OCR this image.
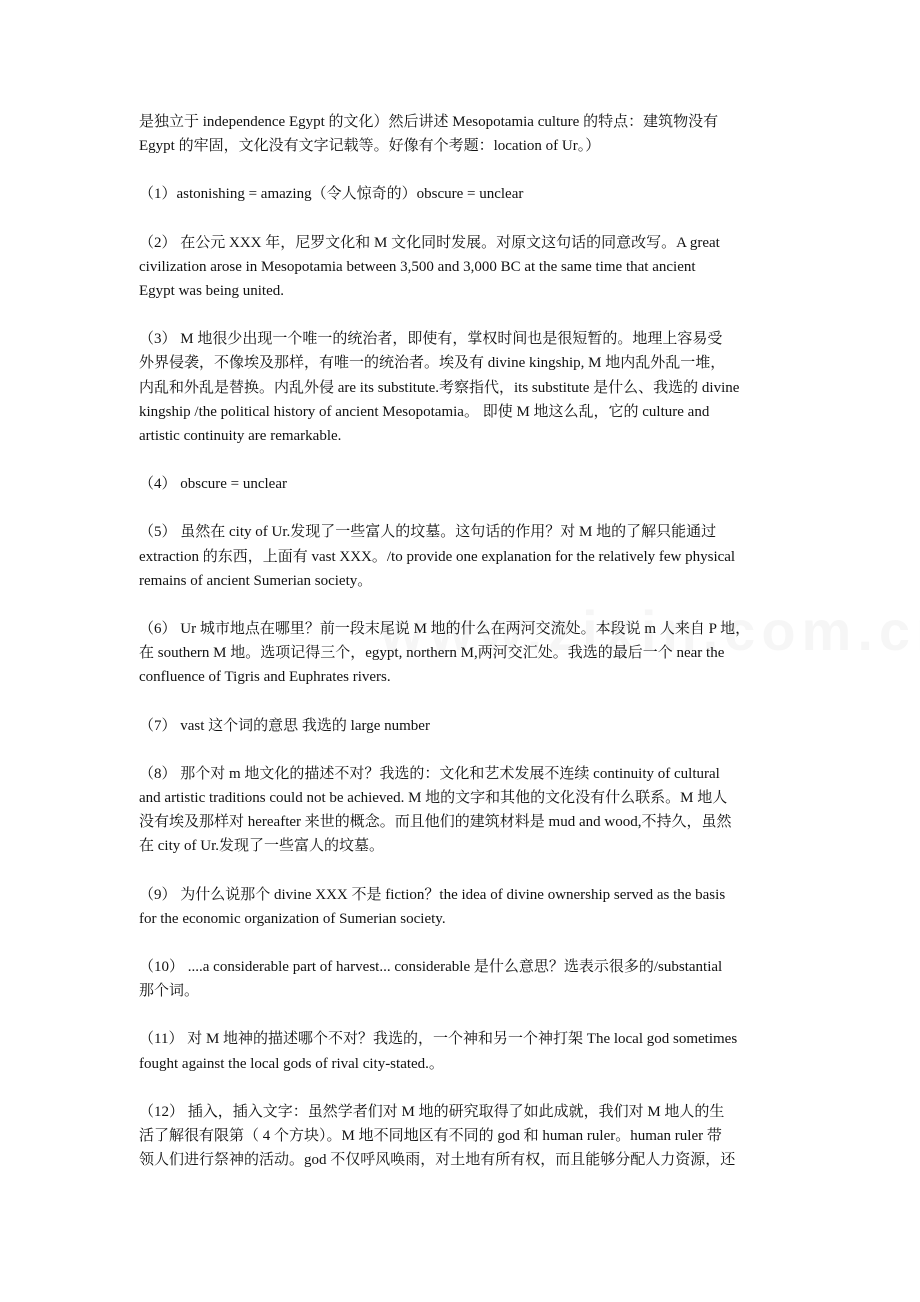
是独立于 independence Egypt 的文化）然后讲述 Mesopotamia culture 的特点：建筑物没有
Egypt 的牢固，文化没有文字记载等。好像有个考题：location of Ur。）

（1）astonishing = amazing（令人惊奇的）obscure = unclear

（2） 在公元 XXX 年，尼罗文化和 M 文化同时发展。对原文这句话的同意改写。A great
civilization arose in Mesopotamia between 3,500 and 3,000 BC at the same time that ancient
Egypt was being united.

（3） M 地很少出现一个唯一的统治者，即使有，掌权时间也是很短暂的。地理上容易受
外界侵袭，不像埃及那样，有唯一的统治者。埃及有 divine kingship, M 地内乱外乱一堆，
内乱和外乱是替换。内乱外侵 are its substitute.考察指代，its substitute 是什么、我选的 divine
kingship /the political history of ancient Mesopotamia。 即使 M 地这么乱，它的 culture and
artistic continuity are remarkable.

（4） obscure = unclear

（5） 虽然在 city of Ur.发现了一些富人的坟墓。这句话的作用？对 M 地的了解只能通过
extraction 的东西，上面有 vast XXX。/to provide one explanation for the relatively few physical
remains of ancient Sumerian society。

（6） Ur 城市地点在哪里？前一段末尾说 M 地的什么在两河交流处。本段说 m 人来自 P 地，
在 southern M 地。选项记得三个，egypt, northern M,两河交汇处。我选的最后一个 near the
confluence of Tigris and Euphrates rivers.

（7） vast 这个词的意思 我选的 large number

（8） 那个对 m 地文化的描述不对？我选的：文化和艺术发展不连续 continuity of cultural
and artistic traditions could not be achieved. M 地的文字和其他的文化没有什么联系。M 地人
没有埃及那样对 hereafter 来世的概念。而且他们的建筑材料是 mud and wood,不持久，虽然
在 city of Ur.发现了一些富人的坟墓。

（9） 为什么说那个 divine XXX 不是 fiction？the idea of divine ownership served as the basis
for the economic organization of Sumerian society.

（10） ....a considerable part of harvest... considerable 是什么意思？选表示很多的/substantial
那个词。

（11） 对 M 地神的描述哪个不对？我选的，一个神和另一个神打架 The local god sometimes
fought against the local gods of rival city-stated.。

（12） 插入，插入文字：虽然学者们对 M 地的研究取得了如此成就，我们对 M 地人的生
活了解很有限第（ 4 个方块）。M 地不同地区有不同的 god 和 human ruler。human ruler 带
领人们进行祭神的活动。god 不仅呼风唤雨，对土地有所有权，而且能够分配人力资源，还
